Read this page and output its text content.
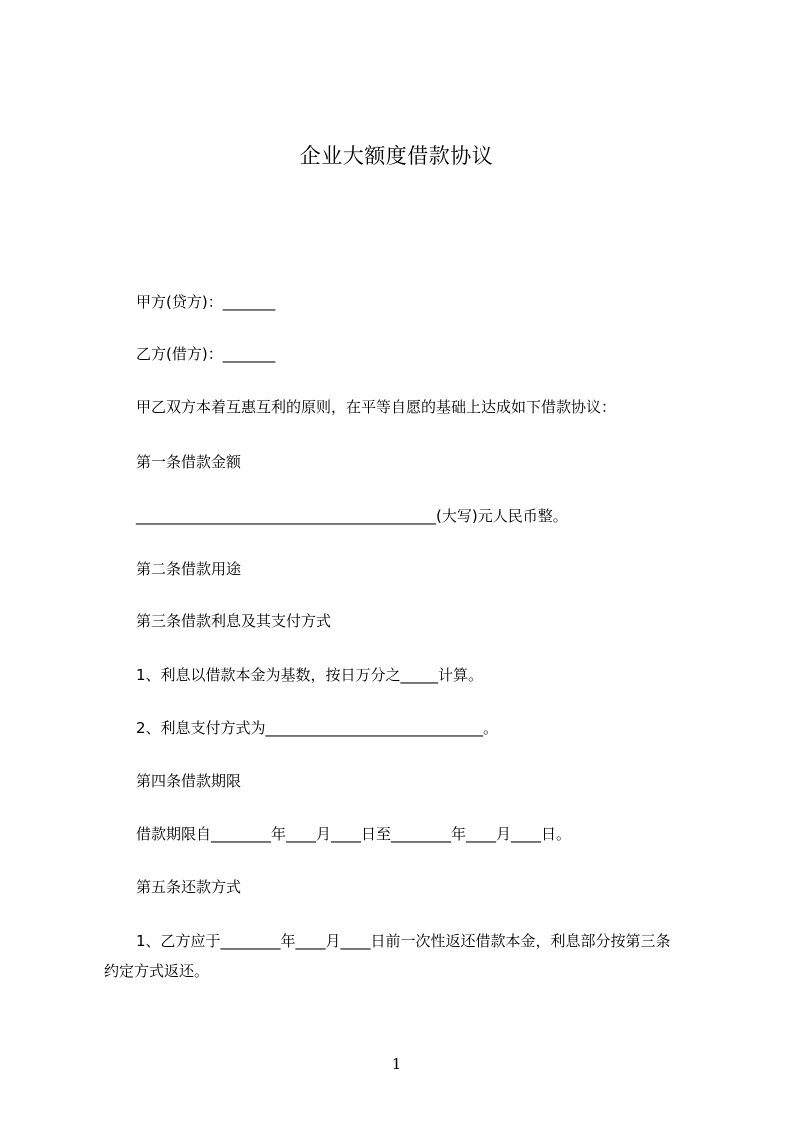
企业大额度借款协议
甲方(贷方)：_______
乙方(借方)：_______
甲乙双方本着互惠互利的原则，在平等自愿的基础上达成如下借款协议：
第一条借款金额
________________________________________(大写)元人民币整。
第二条借款用途
第三条借款利息及其支付方式
1、利息以借款本金为基数，按日万分之_____计算。
2、利息支付方式为_____________________________。
第四条借款期限
借款期限自________年____月____日至________年____月____日。
第五条还款方式
1、乙方应于________年____月____日前一次性返还借款本金，利息部分按第三条
约定方式返还。
1
